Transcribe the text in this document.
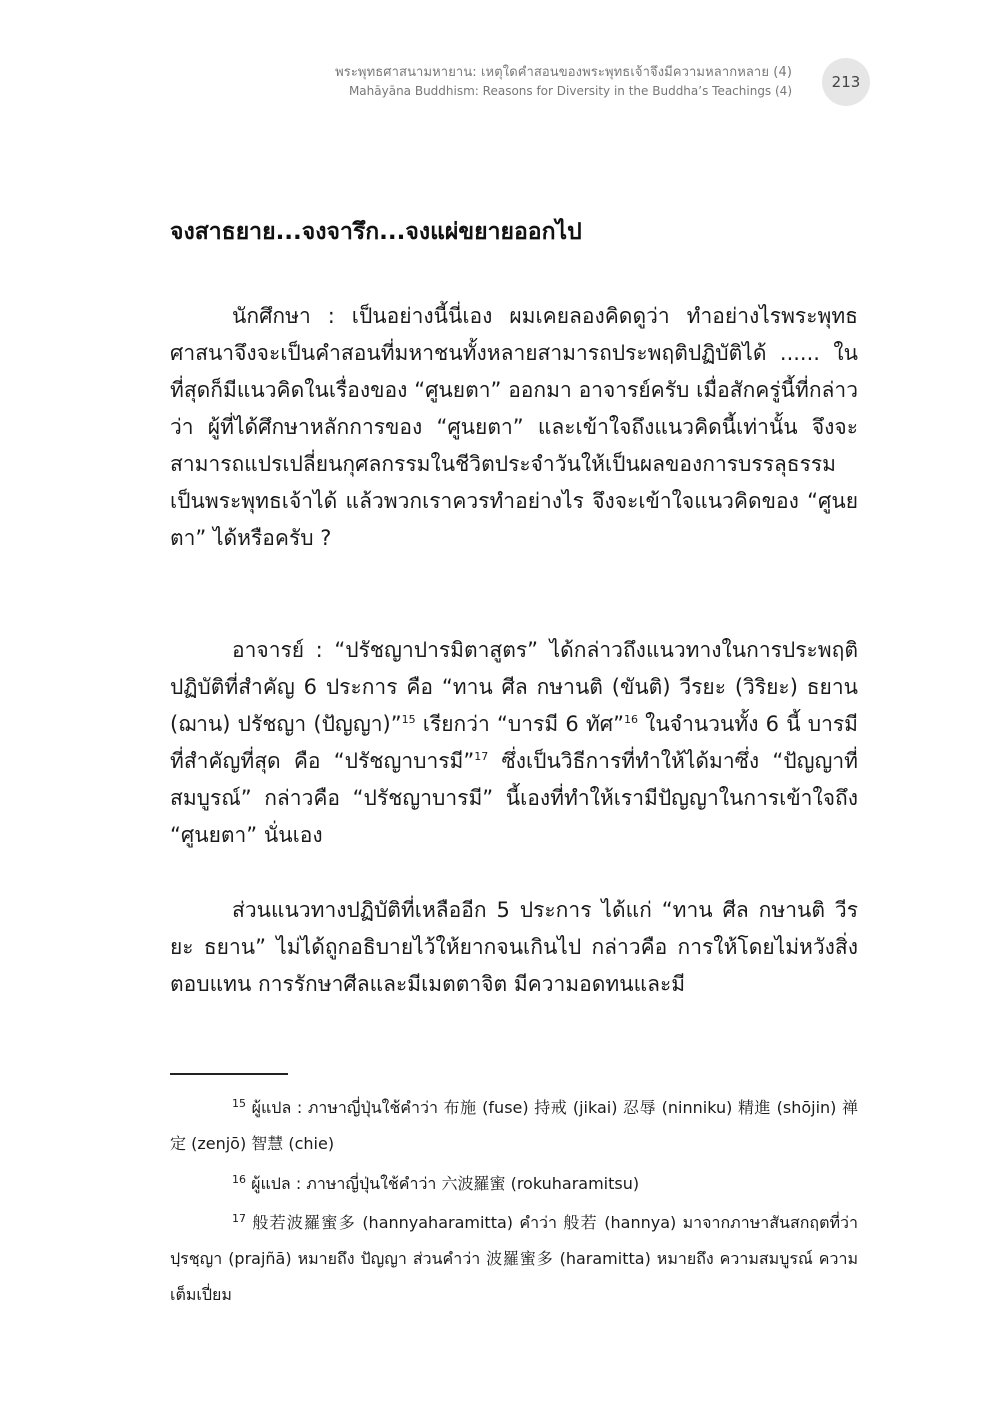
พระพุทธศาสนามหายาน: เหตุใดคำสอนของพระพุทธเจ้าจึงมีความหลากหลาย (4)
Mahāyāna Buddhism: Reasons for Diversity in the Buddha’s Teachings (4)	213
จงสาธยาย...จงจารึก...จงแผ่ขยายออกไป

นักศึกษา : เป็นอย่างนี้นี่เอง ผมเคยลองคิดดูว่า ทำอย่างไรพระพุทธศาสนาจึงจะเป็นคำสอนที่มหาชนทั้งหลายสามารถประพฤติปฏิบัติได้ ...... ในที่สุดก็มีแนวคิดในเรื่องของ “ศูนยตา” ออกมา อาจารย์ครับ เมื่อสักครู่นี้ที่กล่าวว่า ผู้ที่ได้ศึกษาหลักการของ “ศูนยตา” และเข้าใจถึงแนวคิดนี้เท่านั้น จึงจะสามารถแปรเปลี่ยนกุศลกรรมในชีวิตประจำวันให้เป็นผลของการบรรลุธรรมเป็นพระพุทธเจ้าได้ แล้วพวกเราควรทำอย่างไร จึงจะเข้าใจแนวคิดของ “ศูนยตา” ได้หรือครับ ?

อาจารย์ : “ปรัชญาปารมิตาสูตร” ได้กล่าวถึงแนวทางในการประพฤติปฏิบัติที่สำคัญ 6 ประการ คือ “ทาน ศีล กษานติ (ขันติ) วีรยะ (วิริยะ) ธยาน (ฌาน) ปรัชญา (ปัญญา)”$^{15}$ เรียกว่า “บารมี 6 ทัศ”$^{16}$ ในจำนวนทั้ง 6 นี้ บารมีที่สำคัญที่สุด คือ “ปรัชญาบารมี”$^{17}$ ซึ่งเป็นวิธีการที่ทำให้ได้มาซึ่ง “ปัญญาที่สมบูรณ์” กล่าวคือ “ปรัชญาบารมี” นี้เองที่ทำให้เรามีปัญญาในการเข้าใจถึง “ศูนยตา” นั่นเอง

ส่วนแนวทางปฏิบัติที่เหลืออีก 5 ประการ ได้แก่ “ทาน ศีล กษานติ วีรยะ ธยาน” ไม่ได้ถูกอธิบายไว้ให้ยากจนเกินไป กล่าวคือ การให้โดยไม่หวังสิ่งตอบแทน การรักษาศีลและมีเมตตาจิต มีความอดทนและมี

$^{15}$ ผู้แปล : ภาษาญี่ปุ่นใช้คำว่า 布施 (fuse) 持戒 (jikai) 忍辱 (ninniku) 精進 (shōjin) 禅定 (zenjō) 智慧 (chie)

$^{16}$ ผู้แปล : ภาษาญี่ปุ่นใช้คำว่า 六波羅蜜 (rokuharamitsu)

$^{17}$ 般若波羅蜜多 (hannyaharamitta) คำว่า 般若 (hannya) มาจากภาษาสันสกฤตที่ว่า ปฺรชฺญา (prajñā) หมายถึง ปัญญา ส่วนคำว่า 波羅蜜多 (haramitta) หมายถึง ความสมบูรณ์ ความเต็มเปี่ยม
